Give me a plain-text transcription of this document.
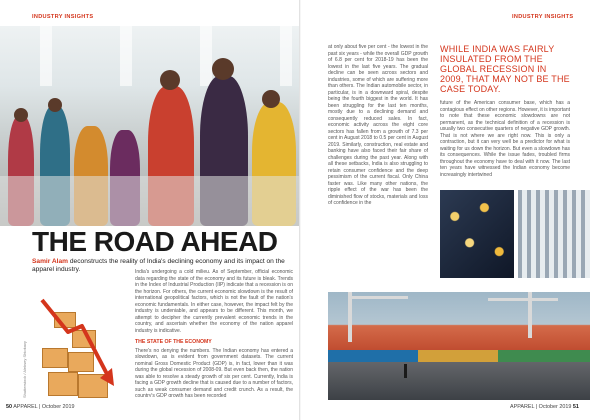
INDUSTRY INSIGHTS
THE ROAD AHEAD
Samir Alam deconstructs the reality of India's declining economy and its impact on the apparel industry.
Shutterstock / Aleksey Shtokavy
India's undergoing a cold milieu. As of September, official economic data regarding the state of the economy and its future is bleak. Trends in the Index of Industrial Production (IIP) indicate that a recession is on the horizon. For others, the current economic slowdown is the result of international geopolitical factors, which is not the fault of the nation's economic fundamentals. In either case, however, the impact felt by the industry is undeniable, and appears to be different. This month, we attempt to decipher the currently prevalent economic trends in the country, and ascertain whether the economy of the nation apparel industry is indicative.
THE STATE OF THE ECONOMY
There's no denying the numbers. The Indian economy has entered a slowdown, as is evident from government datasets. The current nominal Gross Domestic Product (GDP) is, in fact, lower than it was during the global recession of 2008-09. But even back then, the nation was able to resolve a steady growth of six per cent. Currently, India is facing a GDP growth decline that is caused due to a number of factors, such as weak consumer demand and credit crunch. As a result, the country's GDP growth has been recorded
50 APPAREL | October 2019
INDUSTRY INSIGHTS
at only about five per cent - the lowest in the past six years - while the overall GDP growth of 6.8 per cent for 2018-19 has been the lowest in the last five years. The gradual decline can be seen across sectors and industries, some of which are suffering more than others. The Indian automobile sector, in particular, is in a downward spiral, despite being the fourth biggest in the world. It has been struggling for the last ten months, mostly due to a declining demand and consequently reduced sales. In fact, economic activity across the eight core sectors has fallen from a growth of 7.3 per cent in August 2018 to 0.5 per cent in August 2019. Similarly, construction, real estate and banking have also faced their fair share of challenges during the past year. Along with all these setbacks, India is also struggling to retain consumer confidence and the deep pessimism of the current fiscal. Only China faster was. Like many other nations, the ripple effect of the war has been the diminished flow of stocks, materials and loss of confidence in the
WHILE INDIA WAS FAIRLY INSULATED FROM THE GLOBAL RECESSION IN 2009, THAT MAY NOT BE THE CASE TODAY.
future of the American consumer base, which has a contagious effect on other regions. However, it is important to note that these economic slowdowns are not permanent, as the technical definition of a recession is usually two consecutive quarters of negative GDP growth. That is not where we are right now. This is only a contraction, but it can very well be a predictor for what is waiting for us down the horizon. But even a slowdown has its consequences. While the issue fades, troubled firms throughout the economy have to deal with it now. The last ten years have witnessed the Indian economy become increasingly intertwined
APPAREL | October 2019 51
